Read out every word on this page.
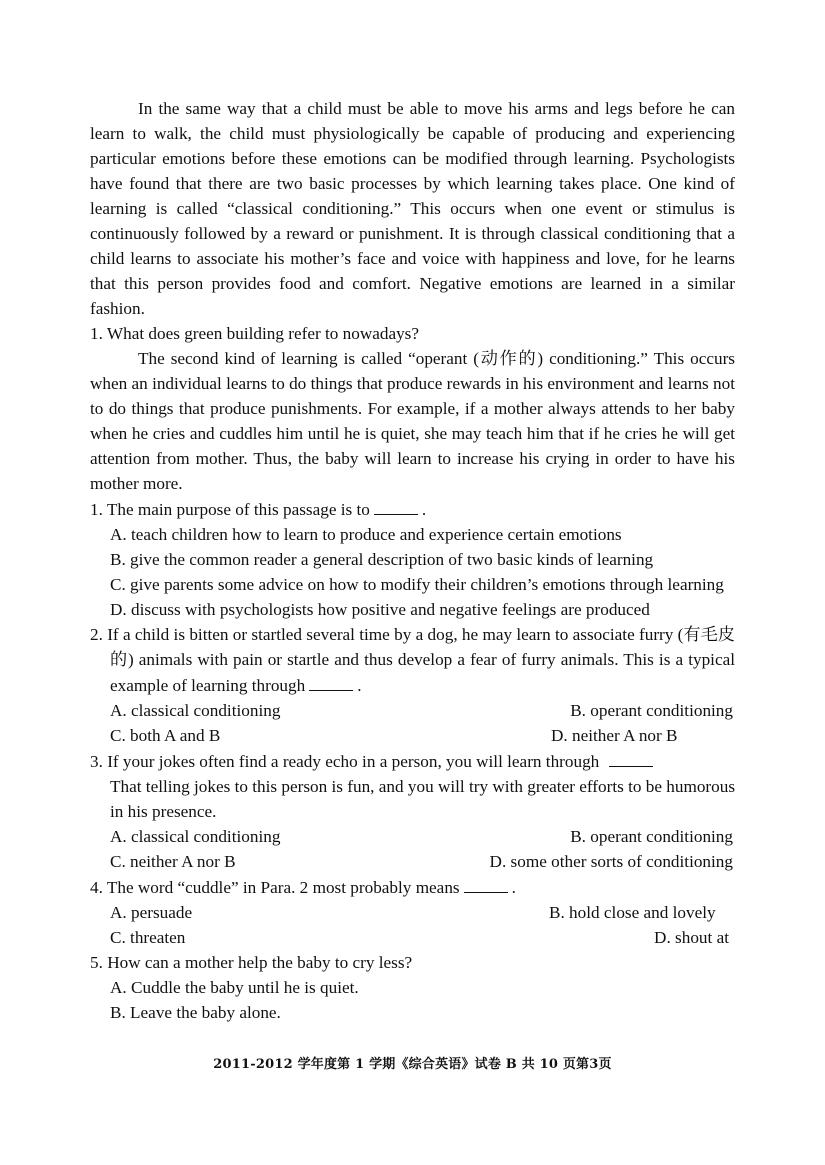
In the same way that a child must be able to move his arms and legs before he can learn to walk, the child must physiologically be capable of producing and experiencing particular emotions before these emotions can be modified through learning. Psychologists have found that there are two basic processes by which learning takes place. One kind of learning is called “classical conditioning.” This occurs when one event or stimulus is continuously followed by a reward or punishment. It is through classical conditioning that a child learns to associate his mother’s face and voice with happiness and love, for he learns that this person provides food and comfort. Negative emotions are learned in a similar fashion.

1. What does green building refer to nowadays?

The second kind of learning is called “operant (动作的) conditioning.” This occurs when an individual learns to do things that produce rewards in his environment and learns not to do things that produce punishments. For example, if a mother always attends to her baby when he cries and cuddles him until he is quiet, she may teach him that if he cries he will get attention from mother. Thus, the baby will learn to increase his crying in order to have his mother more.

1. The main purpose of this passage is to	.

A. teach children how to learn to produce and experience certain emotions

B. give the common reader a general description of two basic kinds of learning

C. give parents some advice on how to modify their children’s emotions through learning

D. discuss with psychologists how positive and negative feelings are produced

2. If a child is bitten or startled several time by a dog, he may learn to associate furry (有毛皮的) animals with pain or startle and thus develop a fear of furry animals. This is a typical example of learning through	.

A. classical conditioning	B. operant conditioning
C. both A and B	D. neither A nor B

3. If your jokes often find a ready echo in a person, you will learn through

That telling jokes to this person is fun, and you will try with greater efforts to be humorous in his presence.

A. classical conditioning	B. operant conditioning
C. neither A nor B	D. some other sorts of conditioning

4. The word “cuddle” in Para. 2 most probably means	.

A. persuade	B. hold close and lovely
C. threaten	D. shout at

5. How can a mother help the baby to cry less?

A. Cuddle the baby until he is quiet.

B. Leave the baby alone.

2011-2012 学年度第 1 学期《综合英语》试卷 B 共 10 页第3页
